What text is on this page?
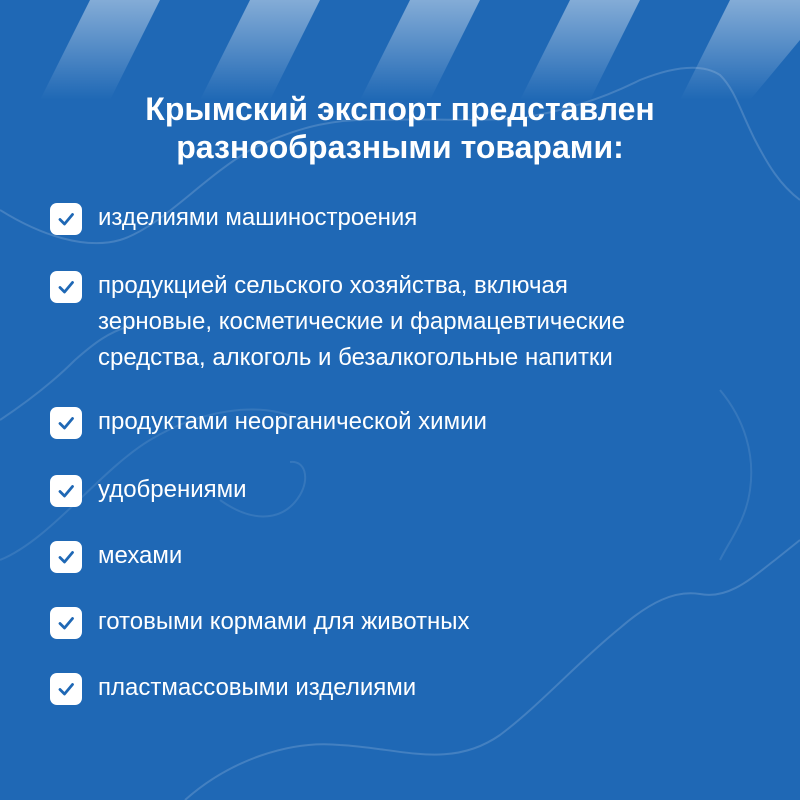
Крымский экспорт представлен
разнообразными товарами:
изделиями машиностроения
продукцией сельского хозяйства, включая
зерновые, косметические и фармацевтические
средства, алкоголь и безалкогольные напитки
продуктами неорганической химии
удобрениями
мехами
готовыми кормами для животных
пластмассовыми изделиями
